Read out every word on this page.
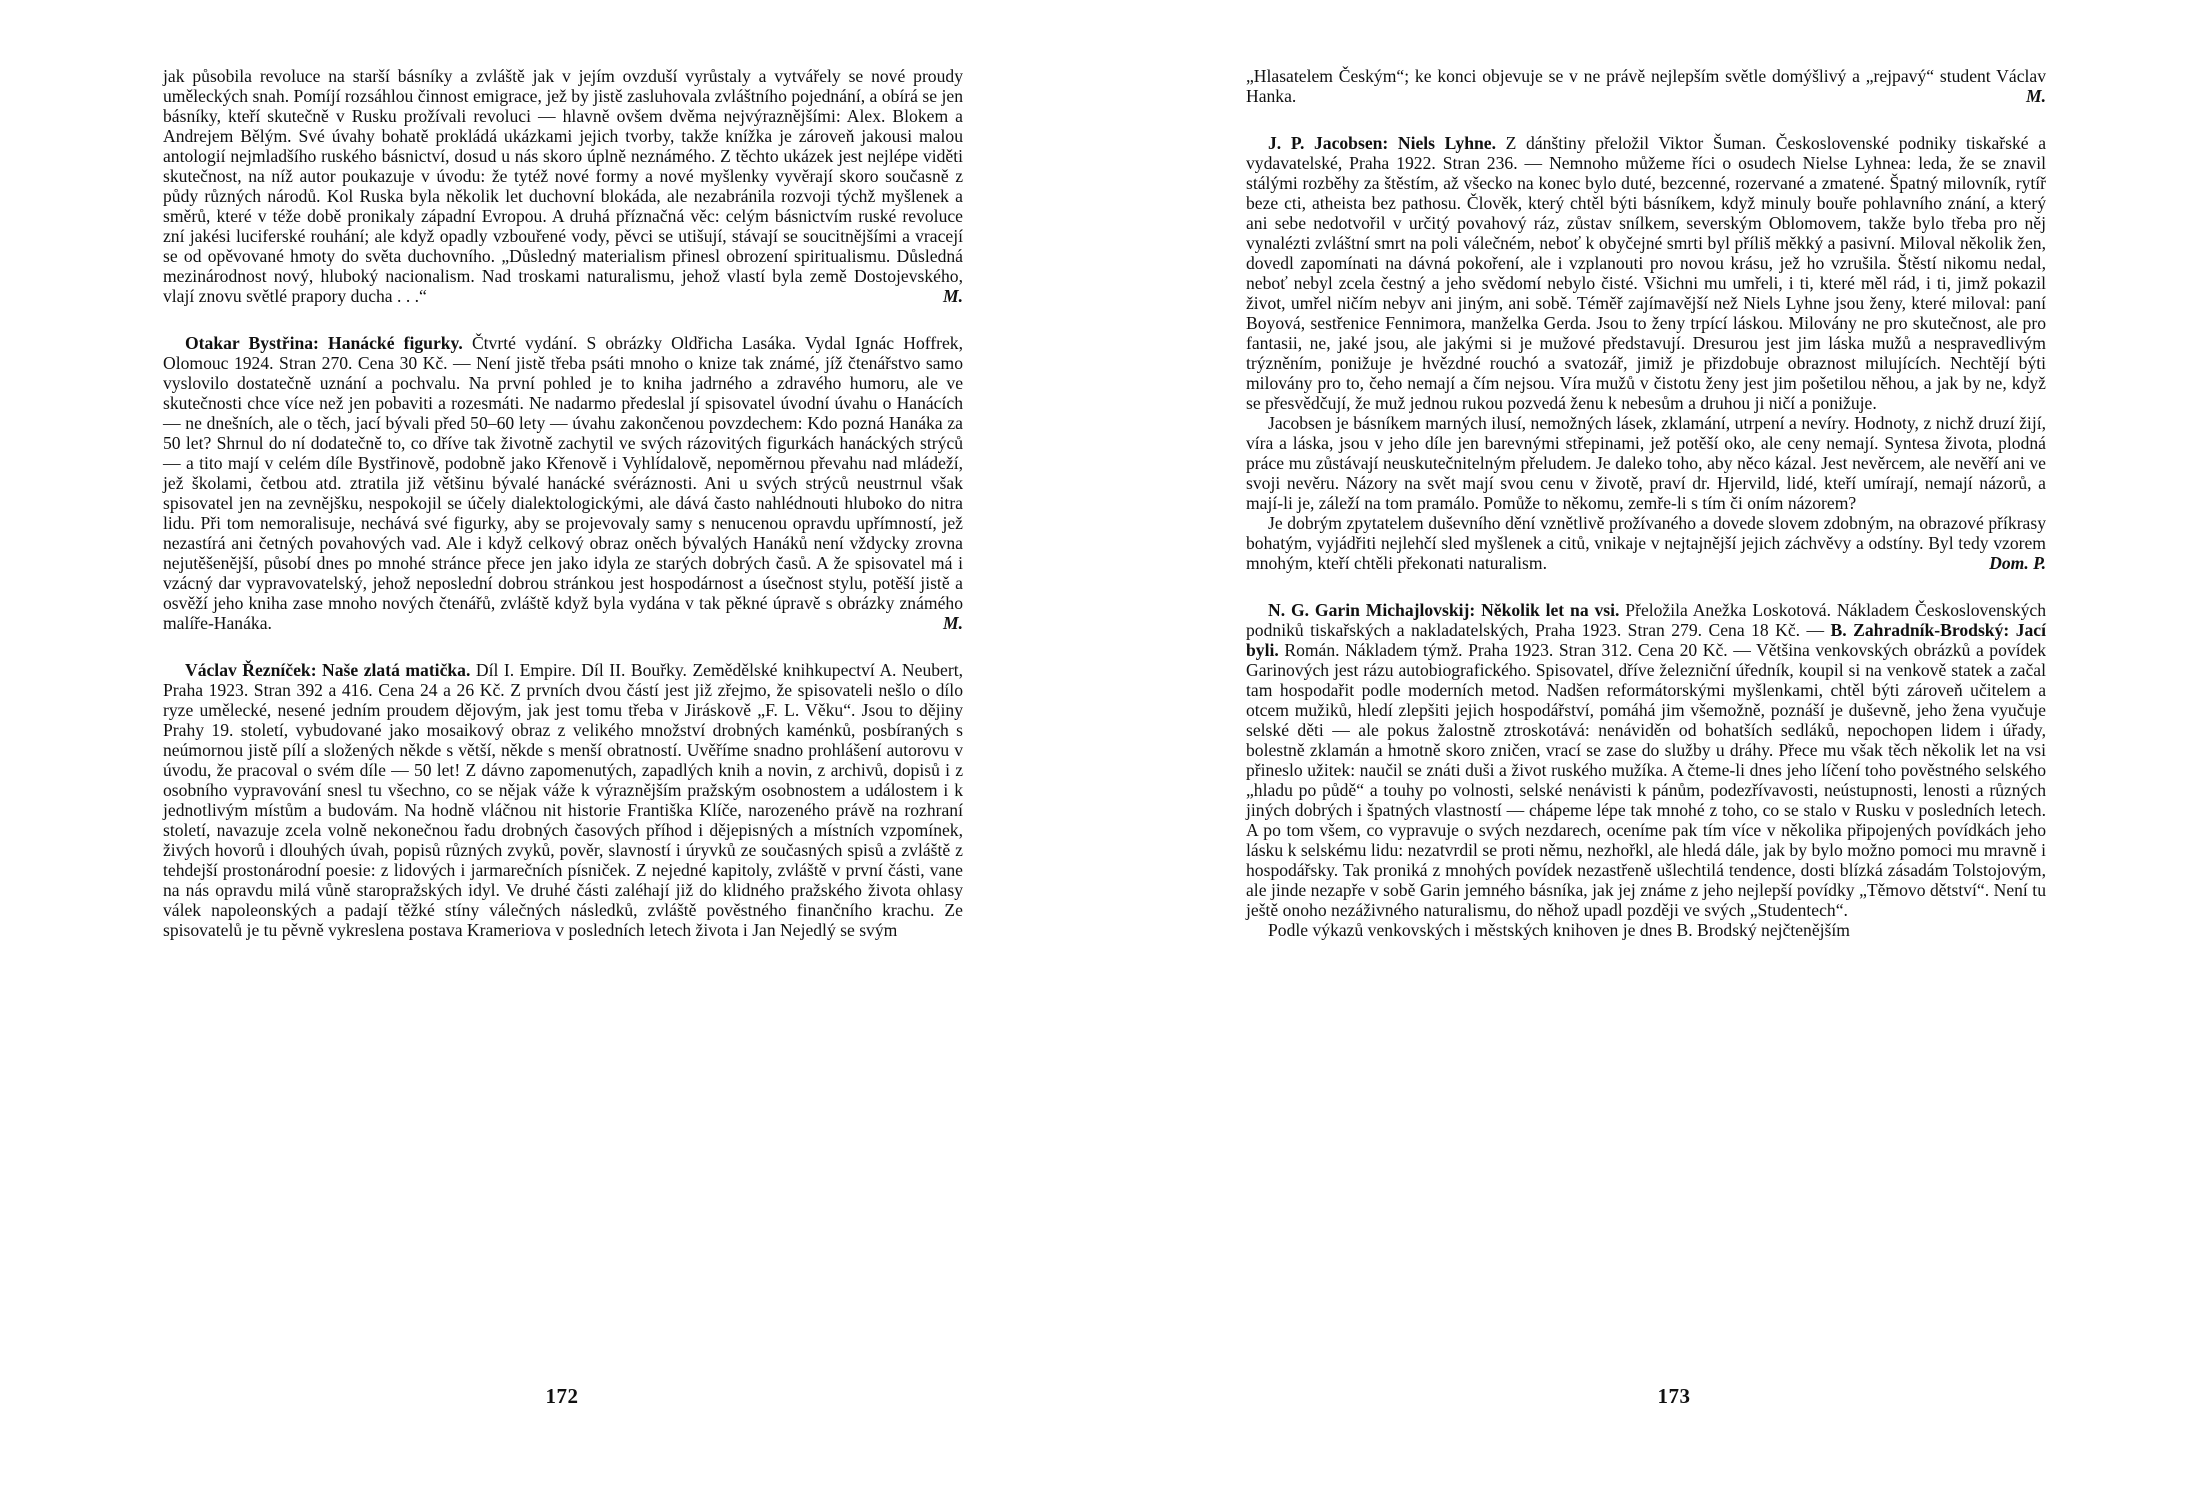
jak působila revoluce na starší básníky a zvláště jak v jejím ovzduší vyrůstaly a vytvářely se nové proudy uměleckých snah. Pomíjí rozsáhlou činnost emigrace, jež by jistě zasluhovala zvláštního pojednání, a obírá se jen básníky, kteří skutečně v Rusku prožívali revoluci — hlavně ovšem dvěma nejvýraznějšími: Alex. Blokem a Andrejem Bělým. Své úvahy bohatě prokládá ukázkami jejich tvorby, takže knížka je zároveň jakousi malou antologií nejmladšího ruského básnictví, dosud u nás skoro úplně neznámého. Z těchto ukázek jest nejlépe viděti skutečnost, na níž autor poukazuje v úvodu: že tytéž nové formy a nové myšlenky vyvěrají skoro současně z půdy různých národů. Kol Ruska byla několik let duchovní blokáda, ale nezabránila rozvoji týchž myšlenek a směrů, které v téže době pronikaly západní Evropou. A druhá příznačná věc: celým básnictvím ruské revoluce zní jakési luciferské rouhání; ale když opadly vzbouřené vody, pěvci se utišují, stávají se soucitnějšími a vracejí se od opěvované hmoty do světa duchovního. „Důsledný materialism přinesl obrození spiritualismu. Důsledná mezinárodnost nový, hluboký nacionalism. Nad troskami naturalismu, jehož vlastí byla země Dostojevského, vlají znovu světlé prapory ducha . . .“	M.

Otakar Bystřina: Hanácké figurky. Čtvrté vydání. S obrázky Oldřicha Lasáka. Vydal Ignác Hoffrek, Olomouc 1924. Stran 270. Cena 30 Kč. — Není jistě třeba psáti mnoho o knize tak známé, jíž čtenářstvo samo vyslovilo dostatečně uznání a pochvalu. Na první pohled je to kniha jadrného a zdravého humoru, ale ve skutečnosti chce více než jen pobaviti a rozesmáti. Ne nadarmo předeslal jí spisovatel úvodní úvahu o Hanácích — ne dnešních, ale o těch, jací bývali před 50–60 lety — úvahu zakončenou povzdechem: Kdo pozná Hanáka za 50 let? Shrnul do ní dodatečně to, co dříve tak životně zachytil ve svých rázovitých figurkách hanáckých strýců — a tito mají v celém díle Bystřinově, podobně jako Křenově i Vyhlídalově, nepoměrnou převahu nad mládeží, jež školami, četbou atd. ztratila již většinu bývalé hanácké svéráznosti. Ani u svých strýců neustrnul však spisovatel jen na zevnějšku, nespokojil se účely dialektologickými, ale dává často nahlédnouti hluboko do nitra lidu. Při tom nemoralisuje, nechává své figurky, aby se projevovaly samy s nenucenou opravdu upřímností, jež nezastírá ani četných povahových vad. Ale i když celkový obraz oněch bývalých Hanáků není vždycky zrovna nejutěšenější, působí dnes po mnohé stránce přece jen jako idyla ze starých dobrých časů. A že spisovatel má i vzácný dar vypravovatelský, jehož neposlední dobrou stránkou jest hospodárnost a úsečnost stylu, potěší jistě a osvěží jeho kniha zase mnoho nových čtenářů, zvláště když byla vydána v tak pěkné úpravě s obrázky známého malíře-Hanáka.	M.

Václav Řezníček: Naše zlatá matička. Díl I. Empire. Díl II. Bouřky. Zemědělské knihkupectví A. Neubert, Praha 1923. Stran 392 a 416. Cena 24 a 26 Kč. Z prvních dvou částí jest již zřejmo, že spisovateli nešlo o dílo ryze umělecké, nesené jedním proudem dějovým, jak jest tomu třeba v Jiráskově „F. L. Věku“. Jsou to dějiny Prahy 19. století, vybudované jako mosaikový obraz z velikého množství drobných kaménků, posbíraných s neúmornou jistě pílí a složených někde s větší, někde s menší obratností. Uvěříme snadno prohlášení autorovu v úvodu, že pracoval o svém díle — 50 let! Z dávno zapomenutých, zapadlých knih a novin, z archivů, dopisů i z osobního vypravování snesl tu všechno, co se nějak váže k výraznějším pražským osobnostem a událostem i k jednotlivým místům a budovám. Na hodně vláčnou nit historie Františka Klíče, narozeného právě na rozhraní století, navazuje zcela volně nekonečnou řadu drobných časových příhod i dějepisných a místních vzpomínek, živých hovorů i dlouhých úvah, popisů různých zvyků, pověr, slavností i úryvků ze současných spisů a zvláště z tehdejší prostonárodní poesie: z lidových i jarmarečních písniček. Z nejedné kapitoly, zvláště v první části, vane na nás opravdu milá vůně staropražských idyl. Ve druhé části zaléhají již do klidného pražského života ohlasy válek napoleonských a padají těžké stíny válečných následků, zvláště pověstného finančního krachu. Ze spisovatelů je tu pěvně vykreslena postava Krameriova v posledních letech života i Jan Nejedlý se svým

172

„Hlasatelem Českým“; ke konci objevuje se v ne právě nejlepším světle domýšlivý a „rejpavý“ student Václav Hanka.	M.

J. P. Jacobsen: Niels Lyhne. Z dánštiny přeložil Viktor Šuman. Československé podniky tiskařské a vydavatelské, Praha 1922. Stran 236. — Nemnoho můžeme říci o osudech Nielse Lyhnea: leda, že se znavil stálými rozběhy za štěstím, až všecko na konec bylo duté, bezcenné, rozervané a zmatené. Špatný milovník, rytíř beze cti, atheista bez pathosu. Člověk, který chtěl býti básníkem, když minuly bouře pohlavního znání, a který ani sebe nedotvořil v určitý povahový ráz, zůstav snílkem, severským Oblomovem, takže bylo třeba pro něj vynalézti zvláštní smrt na poli válečném, neboť k obyčejné smrti byl příliš měkký a pasivní. Miloval několik žen, dovedl zapomínati na dávná pokoření, ale i vzplanouti pro novou krásu, jež ho vzrušila. Štěstí nikomu nedal, neboť nebyl zcela čestný a jeho svědomí nebylo čisté. Všichni mu umřeli, i ti, které měl rád, i ti, jimž pokazil život, umřel ničím nebyv ani jiným, ani sobě. Téměř zajímavější než Niels Lyhne jsou ženy, které miloval: paní Boyová, sestřenice Fennimora, manželka Gerda. Jsou to ženy trpící láskou. Milovány ne pro skutečnost, ale pro fantasii, ne, jaké jsou, ale jakými si je mužové představují. Dresurou jest jim láska mužů a nespravedlivým trýzněním, ponižuje je hvězdné rouchó a svatozář, jimiž je přizdobuje obraznost milujících. Nechtějí býti milovány pro to, čeho nemají a čím nejsou. Víra mužů v čistotu ženy jest jim pošetilou něhou, a jak by ne, když se přesvědčují, že muž jednou rukou pozvedá ženu k nebesům a druhou ji ničí a ponižuje.

Jacobsen je básníkem marných ilusí, nemožných lásek, zklamání, utrpení a nevíry. Hodnoty, z nichž druzí žijí, víra a láska, jsou v jeho díle jen barevnými střepinami, jež potěší oko, ale ceny nemají. Syntesa života, plodná práce mu zůstávají neuskutečnitelným přeludem. Je daleko toho, aby něco kázal. Jest nevěrcem, ale nevěří ani ve svoji nevěru. Názory na svět mají svou cenu v životě, praví dr. Hjervild, lidé, kteří umírají, nemají názorů, a mají-li je, záleží na tom pramálo. Pomůže to někomu, zemře-li s tím či oním názorem?

Je dobrým zpytatelem duševního dění vznětlivě prožívaného a dovede slovem zdobným, na obrazové příkrasy bohatým, vyjádřiti nejlehčí sled myšlenek a citů, vnikaje v nejtajnější jejich záchvěvy a odstíny. Byl tedy vzorem mnohým, kteří chtěli překonati naturalism.	Dom. P.

N. G. Garin Michajlovskij: Několik let na vsi. Přeložila Anežka Loskotová. Nákladem Československých podniků tiskařských a nakladatelských, Praha 1923. Stran 279. Cena 18 Kč. — B. Zahradník-Brodský: Jací byli. Román. Nákladem týmž. Praha 1923. Stran 312. Cena 20 Kč. — Většina venkovských obrázků a povídek Garinových jest rázu autobiografického. Spisovatel, dříve železniční úředník, koupil si na venkově statek a začal tam hospodařit podle moderních metod. Nadšen reformátorskými myšlenkami, chtěl býti zároveň učitelem a otcem mužiků, hledí zlepšiti jejich hospodářství, pomáhá jim všemožně, poznáší je duševně, jeho žena vyučuje selské děti — ale pokus žalostně ztroskotává: nenáviděn od bohatších sedláků, nepochopen lidem i úřady, bolestně zklamán a hmotně skoro zničen, vrací se zase do služby u dráhy. Přece mu však těch několik let na vsi přineslo užitek: naučil se znáti duši a život ruského mužíka. A čteme-li dnes jeho líčení toho pověstného selského „hladu po půdě“ a touhy po volnosti, selské nenávisti k pánům, podezřívavosti, neústupnosti, lenosti a různých jiných dobrých i špatných vlastností — chápeme lépe tak mnohé z toho, co se stalo v Rusku v posledních letech. A po tom všem, co vypravuje o svých nezdarech, oceníme pak tím více v několika připojených povídkách jeho lásku k selskému lidu: nezatvrdil se proti němu, nezhořkl, ale hledá dále, jak by bylo možno pomoci mu mravně i hospodářsky. Tak proniká z mnohých povídek nezastřeně ušlechtilá tendence, dosti blízká zásadám Tolstojovým, ale jinde nezapře v sobě Garin jemného básníka, jak jej známe z jeho nejlepší povídky „Těmovo dětství“. Není tu ještě onoho nezáživného naturalismu, do něhož upadl později ve svých „Studentech“.

Podle výkazů venkovských i městských knihoven je dnes B. Brodský nejčtenějším

173
